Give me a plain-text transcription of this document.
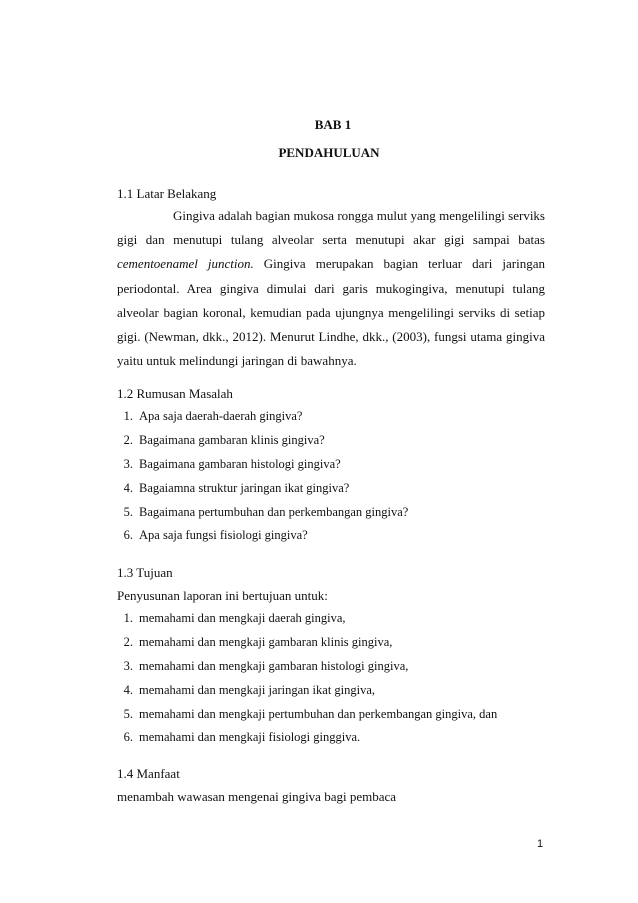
BAB 1
PENDAHULUAN
1.1 Latar Belakang
Gingiva adalah bagian mukosa rongga mulut yang mengelilingi serviks gigi dan menutupi tulang alveolar serta menutupi akar gigi sampai batas cementoenamel junction. Gingiva merupakan bagian terluar dari jaringan periodontal. Area gingiva dimulai dari garis mukogingiva, menutupi tulang alveolar bagian koronal, kemudian pada ujungnya mengelilingi serviks di setiap gigi. (Newman, dkk., 2012). Menurut Lindhe, dkk., (2003), fungsi utama gingiva yaitu untuk melindungi jaringan di bawahnya.
1.2 Rumusan Masalah
1. Apa saja daerah-daerah gingiva?
2. Bagaimana gambaran klinis gingiva?
3. Bagaimana gambaran histologi gingiva?
4. Bagaiamna struktur jaringan ikat gingiva?
5. Bagaimana pertumbuhan dan perkembangan gingiva?
6. Apa saja fungsi fisiologi gingiva?
1.3 Tujuan
Penyusunan laporan ini bertujuan untuk:
1. memahami dan mengkaji daerah gingiva,
2. memahami dan mengkaji gambaran klinis gingiva,
3. memahami dan mengkaji gambaran histologi gingiva,
4. memahami dan mengkaji jaringan ikat gingiva,
5. memahami dan mengkaji pertumbuhan dan perkembangan gingiva, dan
6. memahami dan mengkaji fisiologi ginggiva.
1.4 Manfaat
menambah wawasan mengenai gingiva bagi pembaca
1
